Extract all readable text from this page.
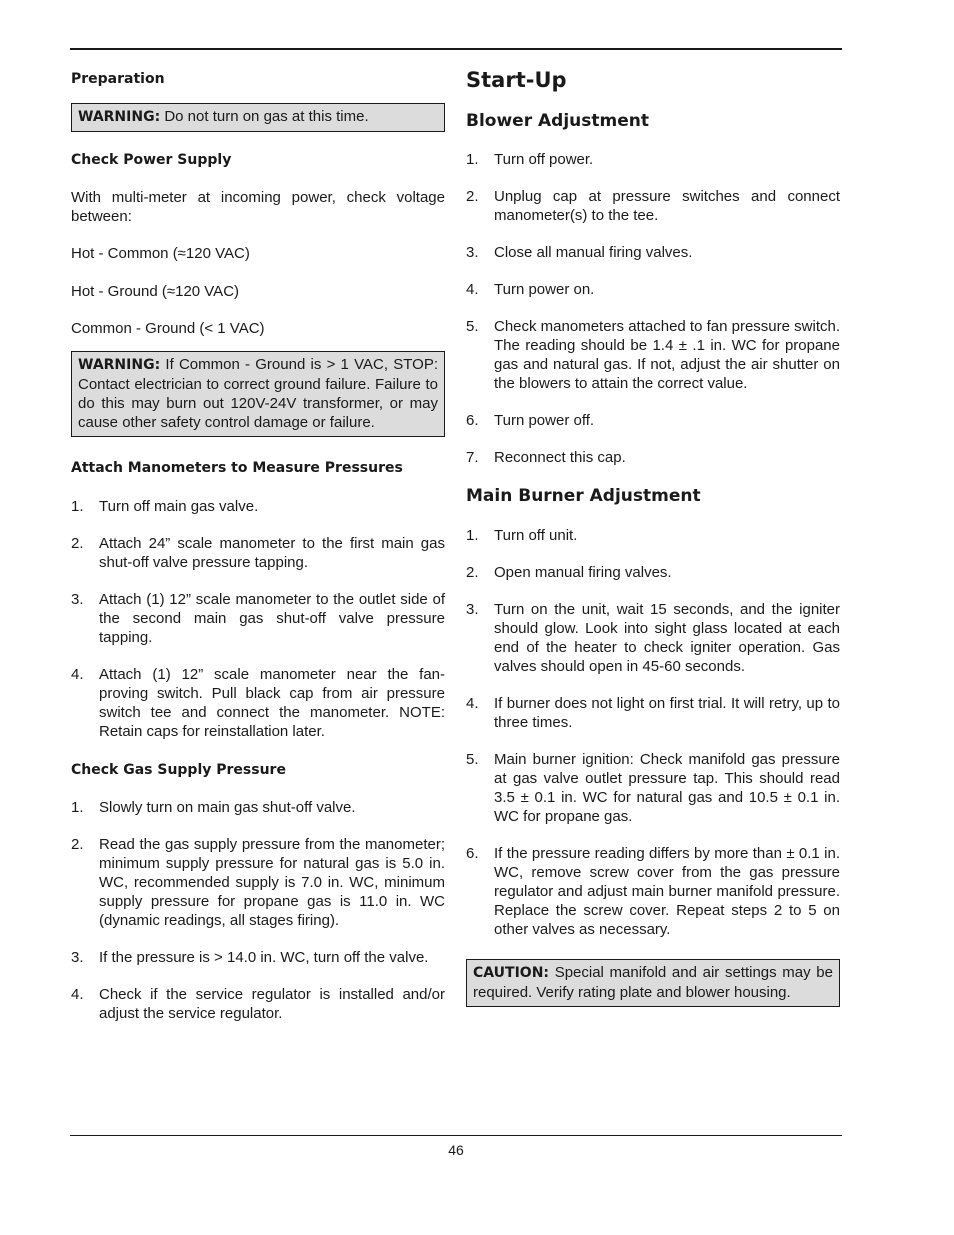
Preparation
WARNING: Do not turn on gas at this time.
Check Power Supply

With multi-meter at incoming power, check voltage between:

Hot - Common (≈120 VAC)

Hot - Ground (≈120 VAC)

Common - Ground (< 1 VAC)

WARNING: If Common - Ground is > 1 VAC, STOP: Contact electrician to correct ground failure. Failure to do this may burn out 120V-24V transformer, or may cause other safety control damage or failure.
Attach Manometers to Measure Pressures
1. Turn off main gas valve.
2. Attach 24” scale manometer to the first main gas shut-off valve pressure tapping.
3. Attach (1) 12” scale manometer to the outlet side of the second main gas shut-off valve pressure tapping.
4. Attach (1) 12” scale manometer near the fan-proving switch. Pull black cap from air pressure switch tee and connect the manometer. NOTE: Retain caps for reinstallation later.
Check Gas Supply Pressure
1. Slowly turn on main gas shut-off valve.
2. Read the gas supply pressure from the manometer; minimum supply pressure for natural gas is 5.0 in. WC, recommended supply is 7.0 in. WC, minimum supply pressure for propane gas is 11.0 in. WC (dynamic readings, all stages firing).
3. If the pressure is > 14.0 in. WC, turn off the valve.
4. Check if the service regulator is installed and/or adjust the service regulator.
Start-Up
Blower Adjustment
1. Turn off power.
2. Unplug cap at pressure switches and connect manometer(s) to the tee.
3. Close all manual firing valves.
4. Turn power on.
5. Check manometers attached to fan pressure switch. The reading should be 1.4 ± .1 in. WC for propane gas and natural gas. If not, adjust the air shutter on the blowers to attain the correct value.
6. Turn power off.
7. Reconnect this cap.
Main Burner Adjustment
1. Turn off unit.
2. Open manual firing valves.
3. Turn on the unit, wait 15 seconds, and the igniter should glow. Look into sight glass located at each end of the heater to check igniter operation. Gas valves should open in 45-60 seconds.
4. If burner does not light on first trial. It will retry, up to three times.
5. Main burner ignition: Check manifold gas pressure at gas valve outlet pressure tap. This should read 3.5 ± 0.1 in. WC for natural gas and 10.5 ± 0.1 in. WC for propane gas.
6. If the pressure reading differs by more than ± 0.1 in. WC, remove screw cover from the gas pressure regulator and adjust main burner manifold pressure. Replace the screw cover. Repeat steps 2 to 5 on other valves as necessary.
CAUTION: Special manifold and air settings may be required. Verify rating plate and blower housing.
46
